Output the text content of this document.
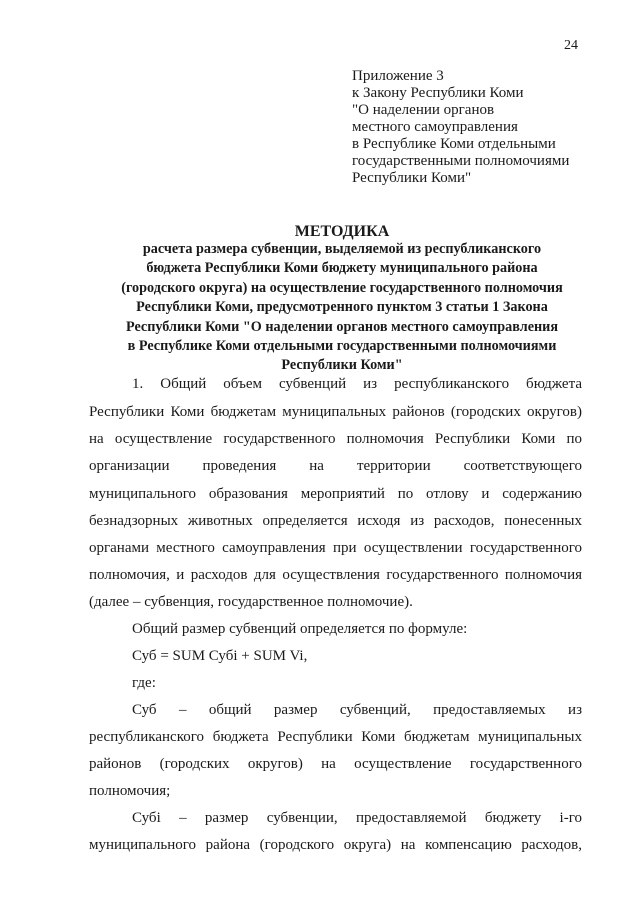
24
Приложение 3
к Закону Республики Коми
"О наделении органов
местного самоуправления
в Республике Коми отдельными
государственными полномочиями
Республики Коми"
МЕТОДИКА
расчета размера субвенции, выделяемой из республиканского
бюджета Республики Коми бюджету муниципального района
(городского округа) на осуществление государственного полномочия
Республики Коми, предусмотренного пунктом 3 статьи 1 Закона
Республики Коми "О наделении органов местного самоуправления
в Республике Коми отдельными государственными полномочиями
Республики Коми"
1. Общий объем субвенций из республиканского бюджета
Республики Коми бюджетам муниципальных районов (городских округов)
на осуществление государственного полномочия Республики Коми по
организации проведения на территории соответствующего
муниципального образования мероприятий по отлову и содержанию
безнадзорных животных определяется исходя из расходов, понесенных
органами местного самоуправления при осуществлении государственного
полномочия, и расходов для осуществления государственного полномочия
(далее – субвенция, государственное полномочие).
Общий размер субвенций определяется по формуле:
Суб = SUM Субi + SUM Vi,
где:
Суб – общий размер субвенций, предоставляемых из
республиканского бюджета Республики Коми бюджетам муниципальных
районов (городских округов) на осуществление государственного
полномочия;
Субi – размер субвенции, предоставляемой бюджету i-го
муниципального района (городского округа) на компенсацию расходов,
